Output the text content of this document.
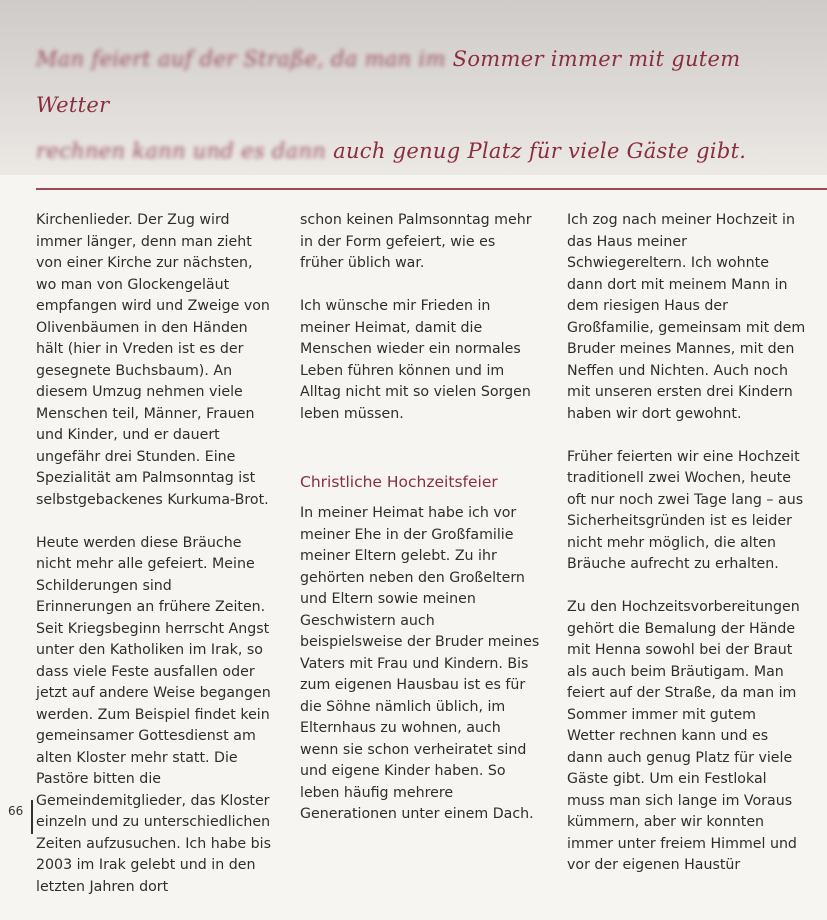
Man feiert auf der Straße, da man im Sommer immer mit gutem Wetter
rechnen kann und es dann auch genug Platz für viele Gäste gibt.

Kirchenlieder. Der Zug wird immer länger, denn man zieht von einer Kirche zur nächsten, wo man von Glockengeläut empfangen wird und Zweige von Olivenbäumen in den Händen hält (hier in Vreden ist es der gesegnete Buchsbaum). An diesem Umzug nehmen viele Menschen teil, Männer, Frauen und Kinder, und er dauert ungefähr drei Stunden. Eine Spezialität am Palmsonntag ist selbstgebackenes Kurkuma-Brot.

Heute werden diese Bräuche nicht mehr alle gefeiert. Meine Schilderungen sind Erinnerungen an frühere Zeiten. Seit Kriegsbeginn herrscht Angst unter den Katholiken im Irak, so dass viele Feste ausfallen oder jetzt auf andere Weise begangen werden. Zum Beispiel findet kein gemeinsamer Gottesdienst am alten Kloster mehr statt. Die Pastöre bitten die Gemeindemitglieder, das Kloster einzeln und zu unterschiedlichen Zeiten aufzusuchen. Ich habe bis 2003 im Irak gelebt und in den letzten Jahren dort

schon keinen Palmsonntag mehr in der Form gefeiert, wie es früher üblich war.

Ich wünsche mir Frieden in meiner Heimat, damit die Menschen wieder ein normales Leben führen können und im Alltag nicht mit so vielen Sorgen leben müssen.

Christliche Hochzeitsfeier

In meiner Heimat habe ich vor meiner Ehe in der Großfamilie meiner Eltern gelebt. Zu ihr gehörten neben den Großeltern und Eltern sowie meinen Geschwistern auch beispielsweise der Bruder meines Vaters mit Frau und Kindern. Bis zum eigenen Hausbau ist es für die Söhne nämlich üblich, im Elternhaus zu wohnen, auch wenn sie schon verheiratet sind und eigene Kinder haben. So leben häufig mehrere Generationen unter einem Dach.

Ich zog nach meiner Hochzeit in das Haus meiner Schwiegereltern. Ich wohnte dann dort mit meinem Mann in dem riesigen Haus der Großfamilie, gemeinsam mit dem Bruder meines Mannes, mit den Neffen und Nichten. Auch noch mit unseren ersten drei Kindern haben wir dort gewohnt.

Früher feierten wir eine Hochzeit traditionell zwei Wochen, heute oft nur noch zwei Tage lang – aus Sicherheitsgründen ist es leider nicht mehr möglich, die alten Bräuche aufrecht zu erhalten.

Zu den Hochzeitsvorbereitungen gehört die Bemalung der Hände mit Henna sowohl bei der Braut als auch beim Bräutigam. Man feiert auf der Straße, da man im Sommer immer mit gutem Wetter rechnen kann und es dann auch genug Platz für viele Gäste gibt. Um ein Festlokal muss man sich lange im Voraus kümmern, aber wir konnten immer unter freiem Himmel und vor der eigenen Haustür

66
